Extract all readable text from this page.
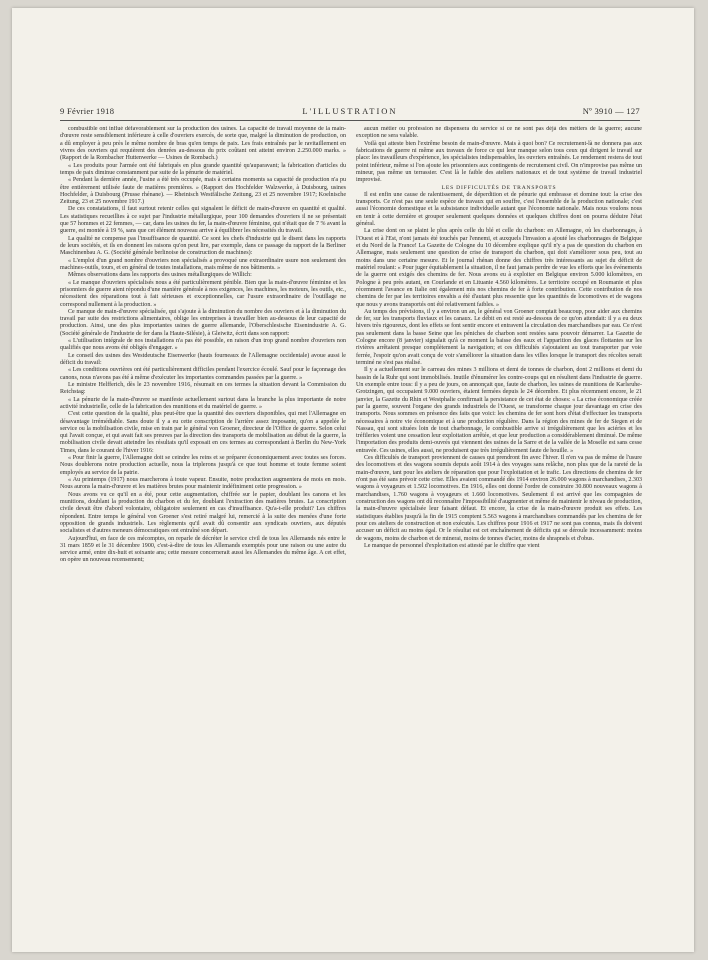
9 Février 1918	L'ILLUSTRATION	Nº 3910 — 127

combustible ont influé défavorablement sur la production des usines. La capacité de travail moyenne de la main-d'œuvre reste sensiblement inférieure à celle d'ouvriers exercés, de sorte que, malgré la diminution de production, on a dû employer à peu près le même nombre de bras qu'en temps de paix. Les frais entraînés par le ravitaillement en vivres des ouvriers qui requièrent des denrées au-dessous du prix coûtant ont atteint environ 2.250.000 marks. » (Rapport de la Rombacher Huttenwerke — Usines de Rombach.)

« Les produits pour l'armée ont été fabriqués en plus grande quantité qu'auparavant; la fabrication d'articles du temps de paix diminue constamment par suite de la pénurie de matériel.

« Pendant la dernière année, l'usine a été très occupée, mais à certains moments sa capacité de production n'a pu être entièrement utilisée faute de matières premières. » (Rapport des Hochfelder Walzwerke, à Duisbourg, usines Hochfelder, à Duisbourg (Prusse rhénane). — Rheinisch Westfälische Zeitung, 23 et 25 novembre 1917; Koelnische Zeitung, 23 et 25 novembre 1917.)

De ces constatations, il faut surtout retenir celles qui signalent le déficit de main-d'œuvre en quantité et qualité. Les statistiques recueillies à ce sujet par l'industrie métallurgique, pour 100 demandes d'ouvriers il ne se présentait que 57 hommes et 22 femmes, — car, dans les usines du fer, la main-d'œuvre féminine, qui n'était que de 7 % avant la guerre, est montée à 19 %, sans que cet élément nouveau arrive à équilibrer les nécessités du travail.

La qualité ne compense pas l'insuffisance de quantité. Ce sont les chefs d'industrie qui le disent dans les rapports de leurs sociétés, et ils en donnent les raisons qu'on peut lire, par exemple, dans ce passage du rapport de la Berliner Maschinenbau A. G. (Société générale berlinoise de construction de machines):

« L'emploi d'un grand nombre d'ouvriers non spécialisés a provoqué une extraordinaire usure non seulement des machines-outils, tours, et en général de toutes installations, mais même de nos bâtiments. »

Mêmes observations dans les rapports des usines métallurgiques de Willich:

« Le manque d'ouvriers spécialisés nous a été particulièrement pénible. Bien que la main-d'œuvre féminine et les prisonniers de guerre aient répondu d'une manière générale à nos exigences, les machines, les moteurs, les outils, etc., nécessitent des réparations tout à fait sérieuses et exceptionnelles, car l'usure extraordinaire de l'outillage ne correspond nullement à la production. »

Ce manque de main-d'œuvre spécialisée, qui s'ajoute à la diminution du nombre des ouvriers et à la diminution du travail par suite des restrictions alimentaires, oblige les entreprises à travailler bien au-dessous de leur capacité de production. Ainsi, une des plus importantes usines de guerre allemande, l'Oberschlesische Eisenindustrie A. G. (Société générale de l'industrie de fer dans la Haute-Silésie), à Gleiwitz, écrit dans son rapport:

« L'utilisation intégrale de nos installations n'a pas été possible, en raison d'un trop grand nombre d'ouvriers non qualifiés que nous avons été obligés d'engager. »

Le conseil des usines des Westdeutsche Eisenwerke (hauts fourneaux de l'Allemagne occidentale) avoue aussi le déficit du travail:

« Les conditions ouvrières ont été particulièrement difficiles pendant l'exercice écoulé. Sauf pour le façonnage des canons, nous n'avons pas été à même d'exécuter les importantes commandes passées par la guerre. »

Le ministre Helfferich, dès le 23 novembre 1916, résumait en ces termes la situation devant la Commission du Reichstag:

« La pénurie de la main-d'œuvre se manifeste actuellement surtout dans la branche la plus importante de notre activité industrielle, celle de la fabrication des munitions et du matériel de guerre. »

C'est cette question de la qualité, plus peut-être que la quantité des ouvriers disponibles, qui met l'Allemagne en désavantage irrémédiable. Sans doute il y a eu cette conscription de l'arrière assez imposante, qu'on a appelée le service ou la mobilisation civile, mise en train par le général von Groener, directeur de l'Office de guerre. Selon celui qui l'avait conçue, et qui avait fait ses preuves par la direction des transports de mobilisation au début de la guerre, la mobilisation civile devait atteindre les résultats qu'il exposait en ces termes au correspondant à Berlin du New-York Times, dans le courant de l'hiver 1916:

« Pour finir la guerre, l'Allemagne doit se ceindre les reins et se préparer économiquement avec toutes ses forces. Nous doublerons notre production actuelle, nous la triplerons jusqu'à ce que tout homme et toute femme soient employés au service de la patrie.

« Au printemps (1917) nous marcherons à toute vapeur. Ensuite, notre production augmentera de mois en mois. Nous aurons la main-d'œuvre et les matières brutes pour maintenir indéfiniment cette progression. »

Nous avons vu ce qu'il en a été, pour cette augmentation, chiffrée sur le papier, doublant les canons et les munitions, doublant la production du charbon et du fer, doublant l'extraction des matières brutes. La conscription civile devait être d'abord volontaire, obligatoire seulement en cas d'insuffisance. Qu'a-t-elle produit? Les chiffres répondent. Entre temps le général von Groener s'est retiré malgré lui, remercié à la suite des menées d'une forte opposition de grands industriels. Les règlements qu'il avait dû consentir aux syndicats ouvriers, aux députés socialistes et d'autres meneurs démocratiques ont entraîné son départ.

Aujourd'hui, en face de ces mécomptes, on reparle de décréter le service civil de tous les Allemands nés entre le 31 mars 1859 et le 31 décembre 1900, c'est-à-dire de tous les Allemands exemptés pour une raison ou une autre du service armé, entre dix-huit et soixante ans; cette mesure concernerait aussi les Allemandes du même âge. A cet effet, on opère un nouveau recensement;

aucun métier ou profession ne dispensera du service si ce ne sont pas déjà des métiers de la guerre; aucune exception ne sera valable.

Voilà qui atteste bien l'extrême besoin de main-d'œuvre. Mais à quoi bon? Ce recrutement-là ne donnera pas aux fabrications de guerre ni même aux travaux de force ce qui leur manque selon tous ceux qui dirigent le travail sur place: les travailleurs d'expérience, les spécialistes indispensables, les ouvriers entraînés. Le rendement restera de tout point inférieur, même si l'on ajoute les prisonniers aux contingents de recrutement civil. On n'improvise pas même un mineur, pas même un terrassier. C'est là le faible des ateliers nationaux et de tout système de travail industriel improvisé.

LES DIFFICULTÉS DE TRANSPORTS

Il est enfin une cause de ralentissement, de déperdition et de pénurie qui embrasse et domine tout: la crise des transports. Ce n'est pas une seule espèce de travaux qui en souffre, c'est l'ensemble de la production nationale; c'est aussi l'économie domestique et la subsistance individuelle autant que l'économie nationale. Mais nous voulons nous en tenir à cette dernière et grouper seulement quelques données et quelques chiffres dont on pourra déduire l'état général.

La crise dont on se plaint le plus après celle du blé et celle du charbon: en Allemagne, où les charbonnages, à l'Ouest et à l'Est, n'ont jamais été touchés par l'ennemi, et auxquels l'invasion a ajouté les charbonnages de Belgique et du Nord de la France! La Gazette de Cologne du 10 décembre explique qu'il n'y a pas de question du charbon en Allemagne, mais seulement une question de crise de transport du charbon, qui doit s'améliorer sous peu, tout au moins dans une certaine mesure. Et le journal rhénan donne des chiffres très intéressants au sujet du déficit de matériel roulant: « Pour juger équitablement la situation, il ne faut jamais perdre de vue les efforts que les événements de la guerre ont exigés des chemins de fer. Nous avons eu à exploiter en Belgique environ 5.000 kilomètres, en Pologne à peu près autant, en Courlande et en Lituanie 4.560 kilomètres. Le territoire occupé en Roumanie et plus récemment l'avance en Italie ont également mis nos chemins de fer à forte contribution. Cette contribution de nos chemins de fer par les territoires envahis a été d'autant plus ressentie que les quantités de locomotives et de wagons que nous y avons transportés ont été relativement faibles. »

Au temps des prévisions, il y a environ un an, le général von Groener comptait beaucoup, pour aider aux chemins de fer, sur les transports fluviaux et les canaux. Le débit en est resté au-dessous de ce qu'on attendait: il y a eu deux hivers très rigoureux, dont les effets se font sentir encore et entravent la circulation des marchandises par eau. Ce n'est pas seulement dans la basse Seine que les péniches de charbon sont restées sans pouvoir démarrer. La Gazette de Cologne encore (8 janvier) signalait qu'à ce moment la baisse des eaux et l'apparition des glaces flottantes sur les rivières arrêtaient presque complètement la navigation; et ces difficultés s'ajoutaient au tout transporter par voie ferrée, l'espoir qu'on avait conçu de voir s'améliorer la situation dans les villes lorsque le transport des récoltes serait terminé ne s'est pas réalisé.

Il y a actuellement sur le carreau des mines 3 millions et demi de tonnes de charbon, dont 2 millions et demi du bassin de la Ruhr qui sont immobilisés. Inutile d'énumérer les contre-coups qui en résultent dans l'industrie de guerre. Un exemple entre tous: il y a peu de jours, on annonçait que, faute de charbon, les usines de munitions de Karlsruhe-Grotzingen, qui occupaient 9.000 ouvriers, étaient fermées depuis le 24 décembre. Et plus récemment encore, le 21 janvier, la Gazette du Rhin et Westphalie confirmait la persistance de cet état de choses: « La crise économique créée par la guerre, souvent l'organe des grands industriels de l'Ouest, se transforme chaque jour davantage en crise des transports. Nous sommes en présence des faits que voici: les chemins de fer sont hors d'état d'effectuer les transports nécessaires à notre vie économique et à une production régulière. Dans la région des mines de fer de Siegen et de Nassau, qui sont situées loin de tout charbonnage, le combustible arrive si irrégulièrement que les aciéries et les tréfileries voient une cessation leur exploitation arrêtée, et que leur production a considérablement diminué. De même l'importation des produits demi-ouvrés qui viennent des usines de la Sarre et de la vallée de la Moselle est sans cesse entravée. Ces usines, elles aussi, ne produisent que très irrégulièrement faute de houille. »

Ces difficultés de transport proviennent de causes qui prendront fin avec l'hiver. Il n'en va pas de même de l'usure des locomotives et des wagons soumis depuis août 1914 à des voyages sans relâche, non plus que de la rareté de la main-d'œuvre, tant pour les ateliers de réparation que pour l'exploitation et le trafic. Les directions de chemins de fer n'ont pas été sans prévoir cette crise. Elles avaient commandé dès 1914 environ 26.000 wagons à marchandises, 2.303 wagons à voyageurs et 1.502 locomotives. En 1916, elles ont donné l'ordre de construire 30.800 nouveaux wagons à marchandises, 1.760 wagons à voyageurs et 1.660 locomotives. Seulement il est arrivé que les compagnies de construction des wagons ont dû reconnaître l'impossibilité d'augmenter et même de maintenir le niveau de production, la main-d'œuvre spécialisée leur faisant défaut. Et encore, la crise de la main-d'œuvre produit ses effets. Les statistiques établies jusqu'à la fin de 1915 comptent 5.563 wagons à marchandises commandés par les chemins de fer pour ces ateliers de construction et non exécutés. Les chiffres pour 1916 et 1917 ne sont pas connus, mais ils doivent accuser un déficit au moins égal. Or le résultat est cet enchaînement de déficits qui se déroule incessamment: moins de wagons, moins de charbon et de minerai, moins de tonnes d'acier, moins de shrapnels et d'obus.

Le manque de personnel d'exploitation est attesté par le chiffre que vient
